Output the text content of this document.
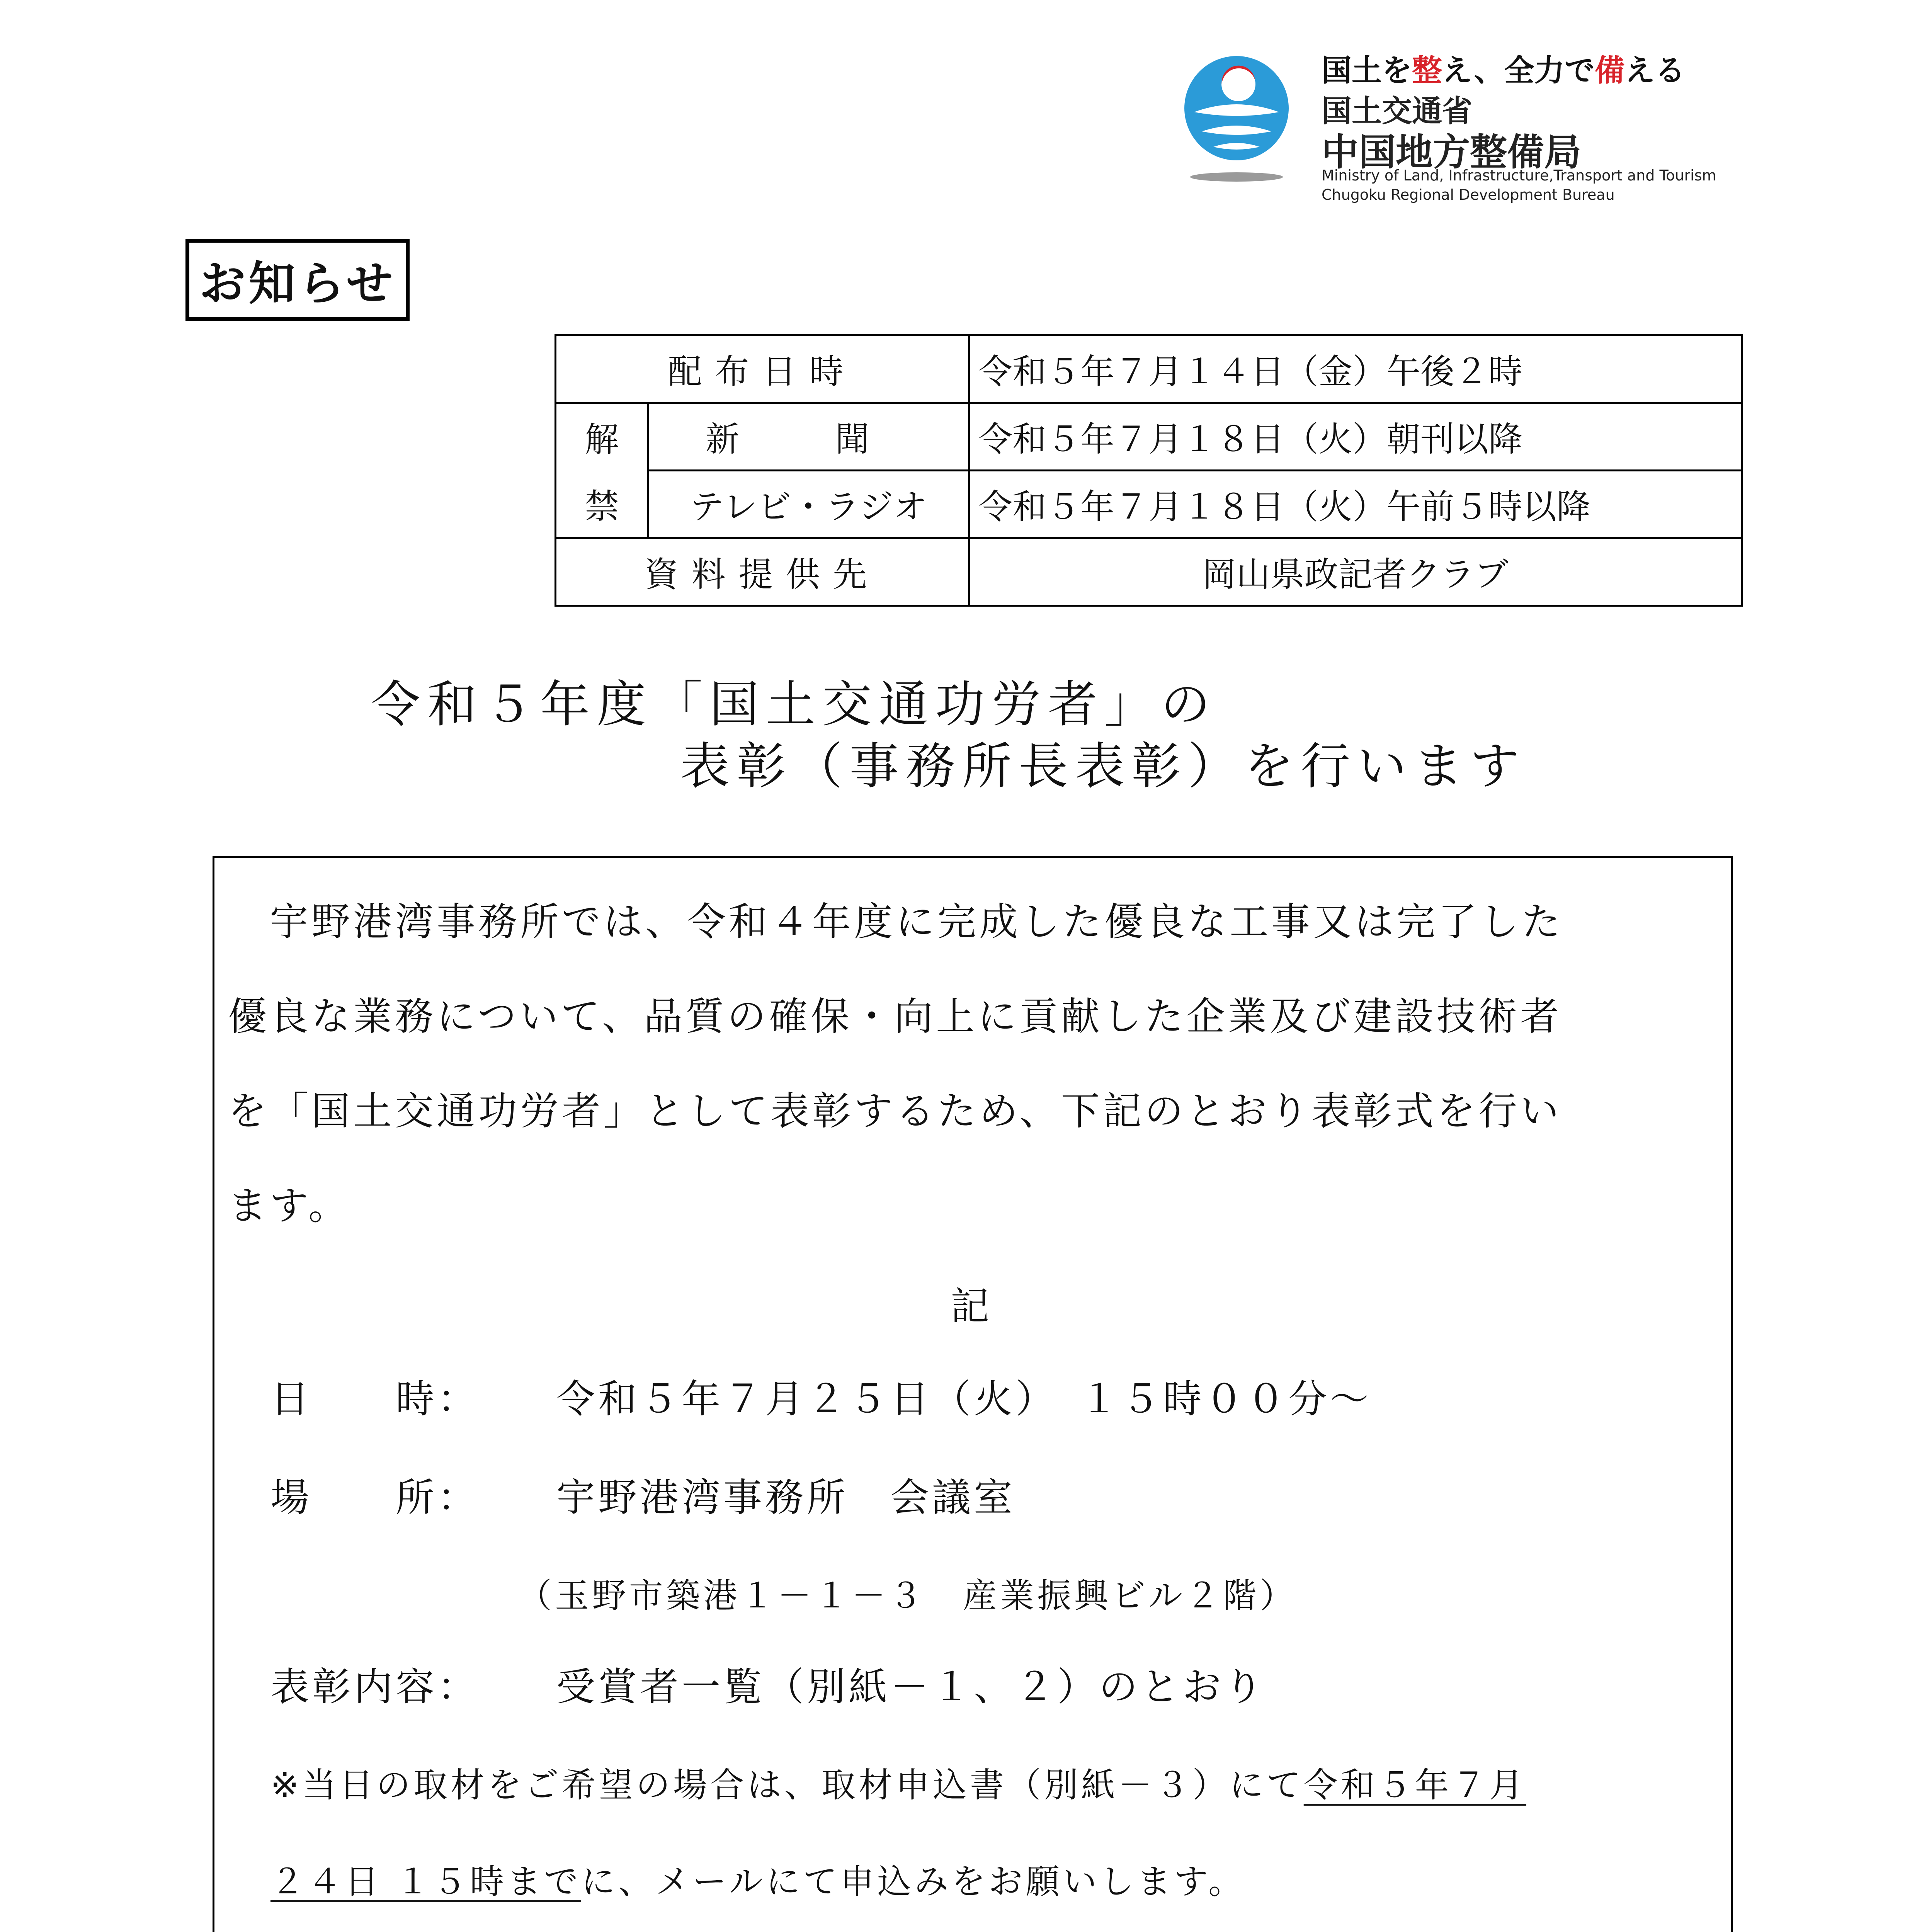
国土を整え、全力で備える
国土交通省
中国地方整備局
Ministry of Land, Infrastructure,Transport and Tourism
Chugoku Regional Development Bureau
お知らせ
配布日時		令和５年７月１４日（金）午後２時
解	新 聞	令和５年７月１８日（火）朝刊以降
禁	テレビ・ラジオ	令和５年７月１８日（火）午前５時以降
資料提供先		岡山県政記者クラブ
令和５年度「国土交通功労者」の
表彰（事務所長表彰）を行います
　宇野港湾事務所では、令和４年度に完成した優良な工事又は完了した
優良な業務について、品質の確保・向上に貢献した企業及び建設技術者
を「国土交通功労者」として表彰するため、下記のとおり表彰式を行い
ます。
記
日　　時： 令和５年７月２５日（火）　１５時００分～
場　　所： 宇野港湾事務所　会議室
（玉野市築港１－１－３　産業振興ビル２階）
表彰内容： 受賞者一覧（別紙－１、２）のとおり
※当日の取材をご希望の場合は、取材申込書（別紙－３）にて令和５年７月
２４日 １５時までに、メールにて申込みをお願いします。
